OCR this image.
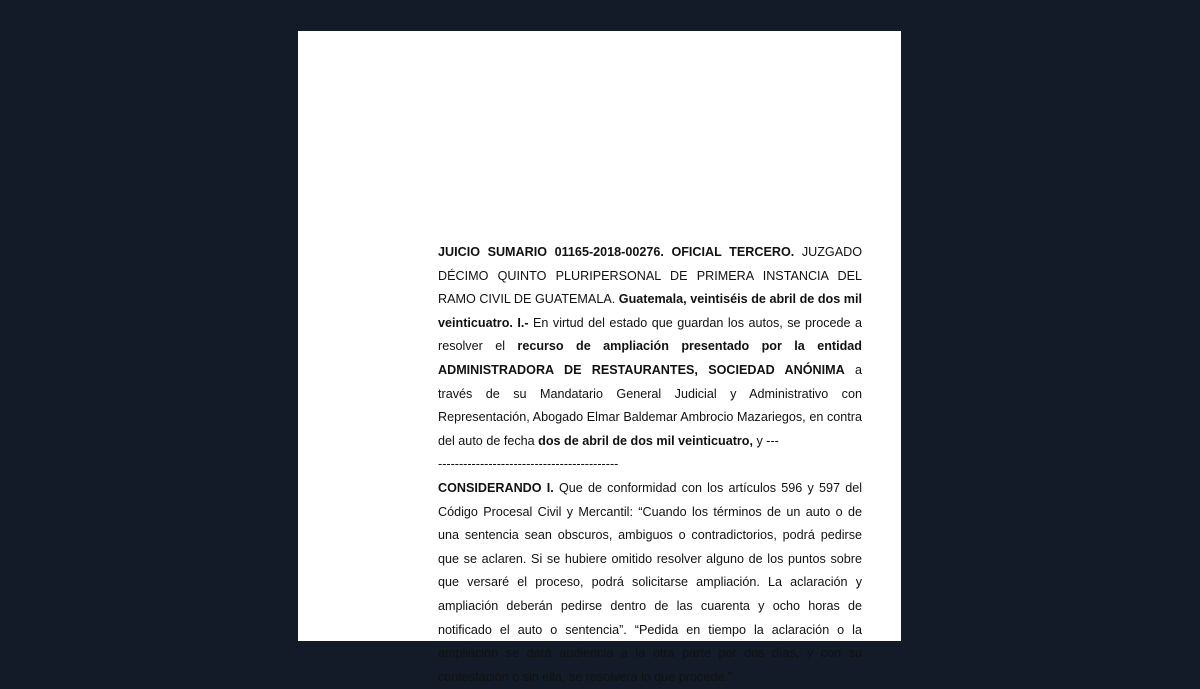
JUICIO SUMARIO 01165-2018-00276. OFICIAL TERCERO. JUZGADO DÉCIMO QUINTO PLURIPERSONAL DE PRIMERA INSTANCIA DEL RAMO CIVIL DE GUATEMALA. Guatemala, veintiséis de abril de dos mil veinticuatro. I.- En virtud del estado que guardan los autos, se procede a resolver el recurso de ampliación presentado por la entidad ADMINISTRADORA DE RESTAURANTES, SOCIEDAD ANÓNIMA a través de su Mandatario General Judicial y Administrativo con Representación, Abogado Elmar Baldemar Ambrocio Mazariegos, en contra del auto de fecha dos de abril de dos mil veinticuatro, y ---

-------------------------------------------

CONSIDERANDO I. Que de conformidad con los artículos 596 y 597 del Código Procesal Civil y Mercantil: “Cuando los términos de un auto o de una sentencia sean obscuros, ambiguos o contradictorios, podrá pedirse que se aclaren. Si se hubiere omitido resolver alguno de los puntos sobre que versaré el proceso, podrá solicitarse ampliación. La aclaración y ampliación deberán pedirse dentro de las cuarenta y ocho horas de notificado el auto o sentencia”. “Pedida en tiempo la aclaración o la ampliación se dará audiencia a la otra parte por dos días, y con su contestación o sin ella, se resolverá lo que procede.”
